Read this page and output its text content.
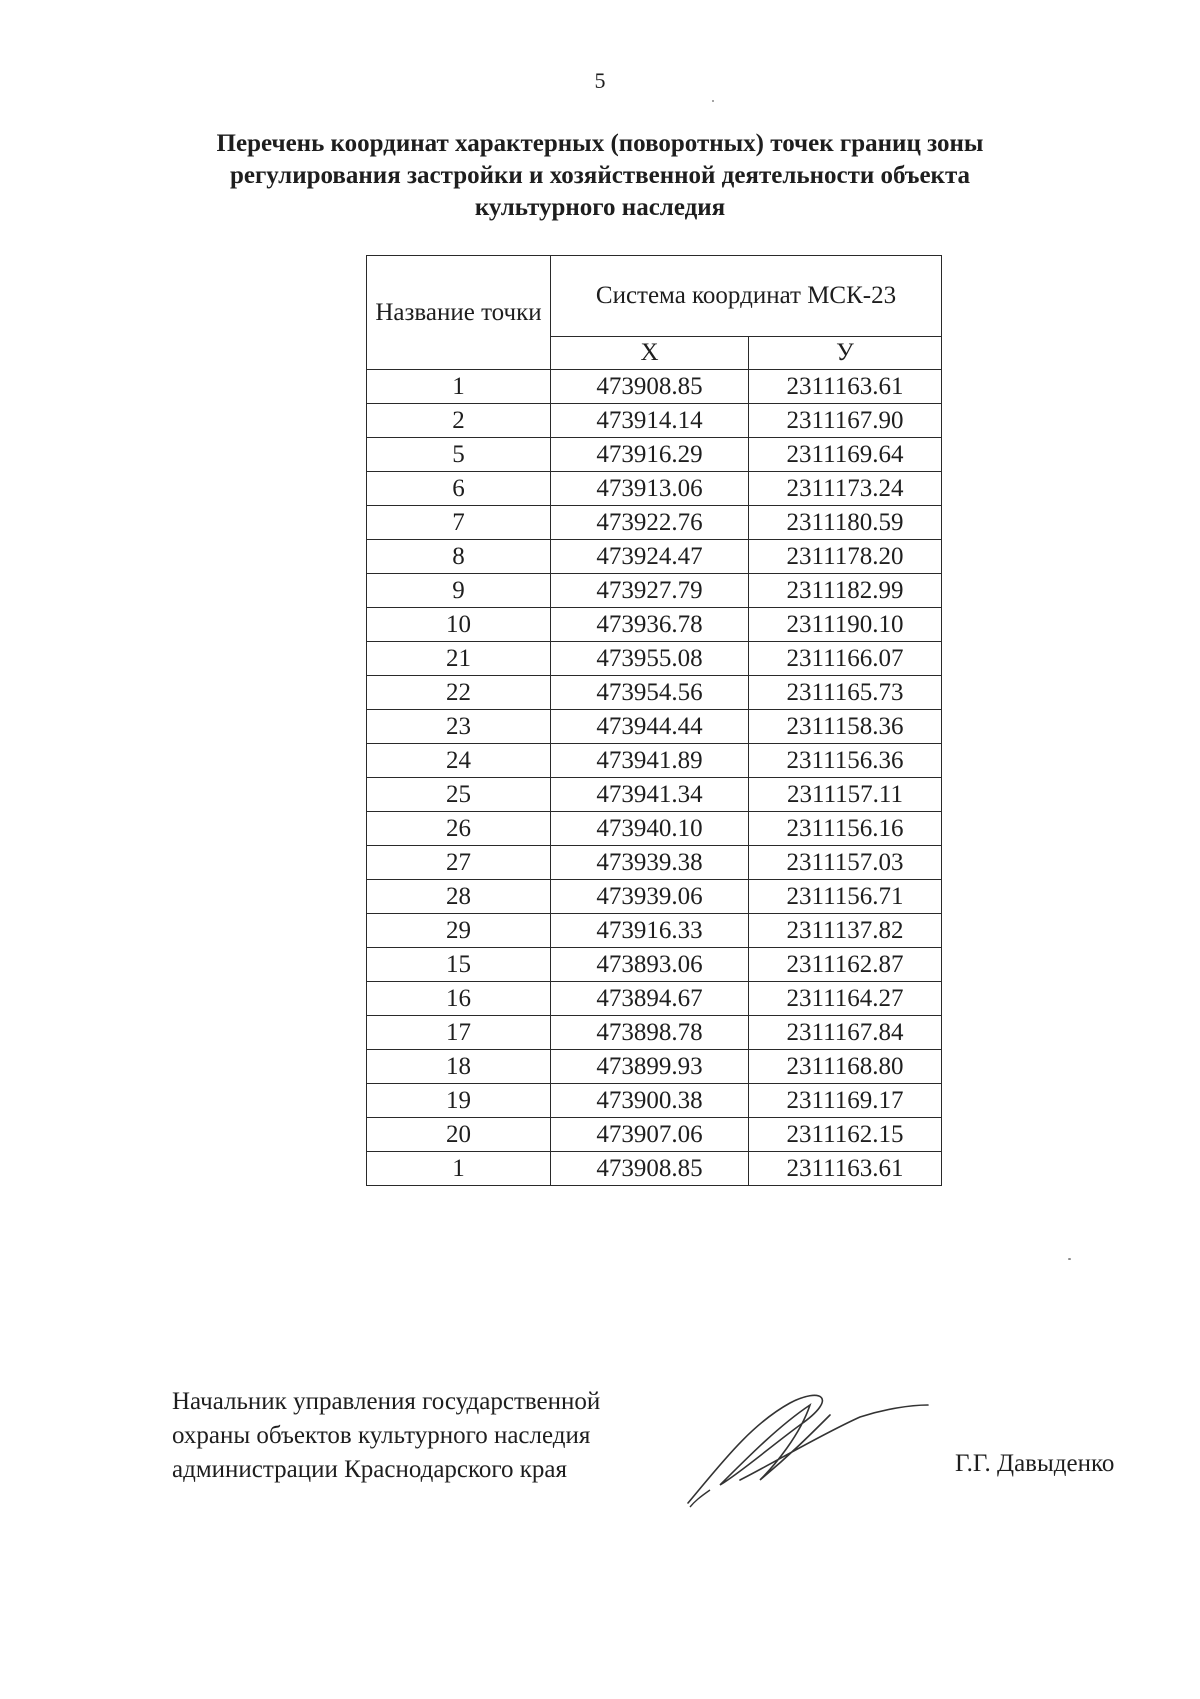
5
Перечень координат характерных (поворотных) точек границ зоны
регулирования застройки и хозяйственной деятельности объекта
культурного наследия
Название точки	Система координат МСК-23	
	X	У
1	473908.85	2311163.61
2	473914.14	2311167.90
5	473916.29	2311169.64
6	473913.06	2311173.24
7	473922.76	2311180.59
8	473924.47	2311178.20
9	473927.79	2311182.99
10	473936.78	2311190.10
21	473955.08	2311166.07
22	473954.56	2311165.73
23	473944.44	2311158.36
24	473941.89	2311156.36
25	473941.34	2311157.11
26	473940.10	2311156.16
27	473939.38	2311157.03
28	473939.06	2311156.71
29	473916.33	2311137.82
15	473893.06	2311162.87
16	473894.67	2311164.27
17	473898.78	2311167.84
18	473899.93	2311168.80
19	473900.38	2311169.17
20	473907.06	2311162.15
1	473908.85	2311163.61
Начальник управления государственной
охраны объектов культурного наследия
администрации Краснодарского края	Г.Г. Давыденко
